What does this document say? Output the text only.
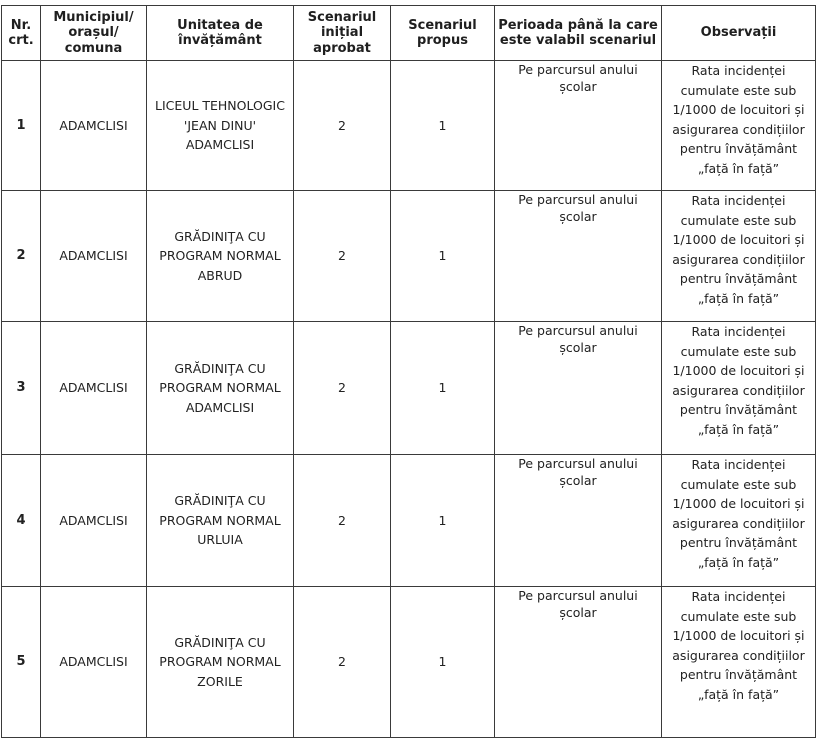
Nr. crt.	Municipiul/ orașul/ comuna	Unitatea de învățământ	Scenariul inițial aprobat	Scenariul propus	Perioada până la care este valabil scenariul	Observații
1	ADAMCLISI	LICEUL TEHNOLOGIC 'JEAN DINU' ADAMCLISI	2	1	Pe parcursul anului școlar	Rata incidenței cumulate este sub 1/1000 de locuitori și asigurarea condițiilor pentru învățământ „față în față”
2	ADAMCLISI	GRĂDINIŢA CU PROGRAM NORMAL ABRUD	2	1	Pe parcursul anului școlar	Rata incidenței cumulate este sub 1/1000 de locuitori și asigurarea condițiilor pentru învățământ „față în față”
3	ADAMCLISI	GRĂDINIŢA CU PROGRAM NORMAL ADAMCLISI	2	1	Pe parcursul anului școlar	Rata incidenței cumulate este sub 1/1000 de locuitori și asigurarea condițiilor pentru învățământ „față în față”
4	ADAMCLISI	GRĂDINIŢA CU PROGRAM NORMAL URLUIA	2	1	Pe parcursul anului școlar	Rata incidenței cumulate este sub 1/1000 de locuitori și asigurarea condițiilor pentru învățământ „față în față”
5	ADAMCLISI	GRĂDINIŢA CU PROGRAM NORMAL ZORILE	2	1	Pe parcursul anului școlar	Rata incidenței cumulate este sub 1/1000 de locuitori și asigurarea condițiilor pentru învățământ „față în față”
